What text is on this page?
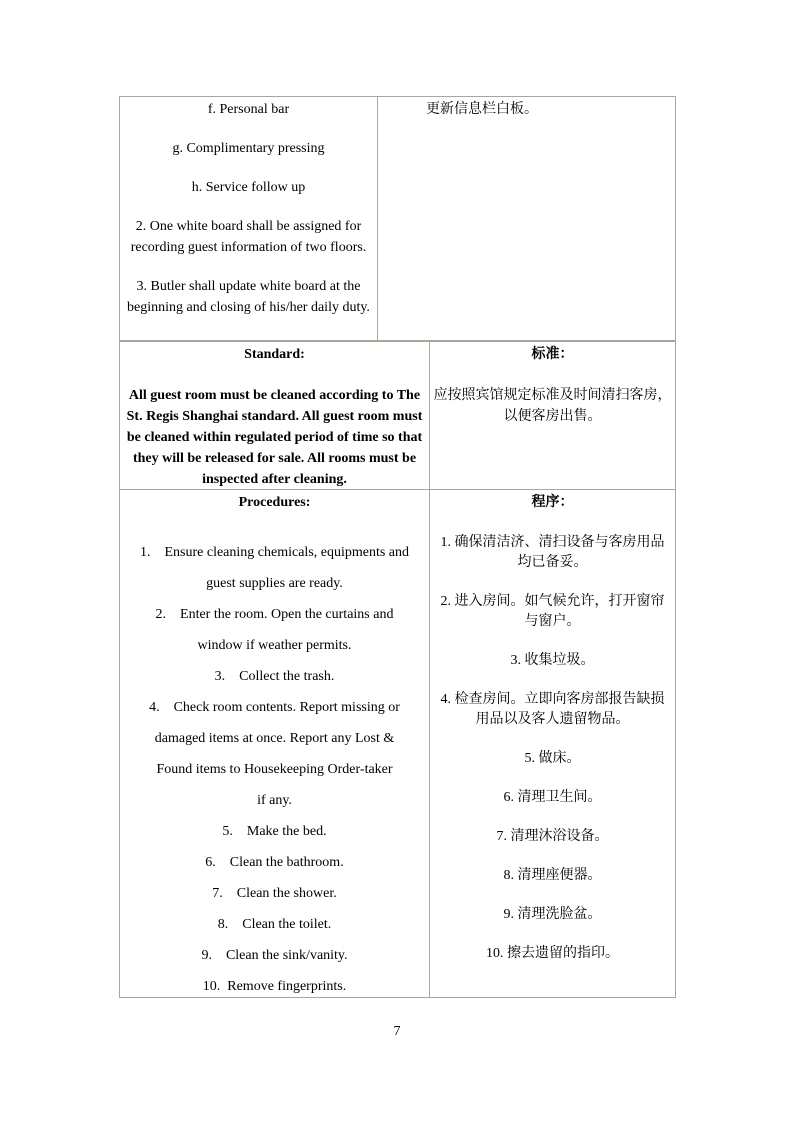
f. Personal bar

g. Complimentary pressing

h. Service follow up

2. One white board shall be assigned for recording guest information of two floors.

3. Butler shall update white board at the beginning and closing of his/her daily duty.

更新信息栏白板。
Standard:
All guest room must be cleaned according to The St. Regis Shanghai standard. All guest room must be cleaned within regulated period of time so that they will be released for sale. All rooms must be inspected after cleaning.
标准：
应按照宾馆规定标准及时间清扫客房，以便客房出售。
Procedures:
1.    Ensure cleaning chemicals, equipments and
guest supplies are ready.
2.    Enter the room. Open the curtains and
window if weather permits.
3.    Collect the trash.
4.    Check room contents. Report missing or
damaged items at once. Report any Lost &
Found items to Housekeeping Order-taker
if any.
5.    Make the bed.
6.    Clean the bathroom.
7.    Clean the shower.
8.    Clean the toilet.
9.    Clean the sink/vanity.
10.  Remove fingerprints.
程序：
1. 确保清洁济、清扫设备与客房用品均已备妥。
2. 进入房间。如气候允许，打开窗帘与窗户。
3. 收集垃圾。
4. 检查房间。立即向客房部报告缺损用品以及客人遗留物品。
5. 做床。
6. 清理卫生间。
7. 清理沐浴设备。
8. 清理座便器。
9. 清理洗脸盆。
10. 擦去遗留的指印。
7
